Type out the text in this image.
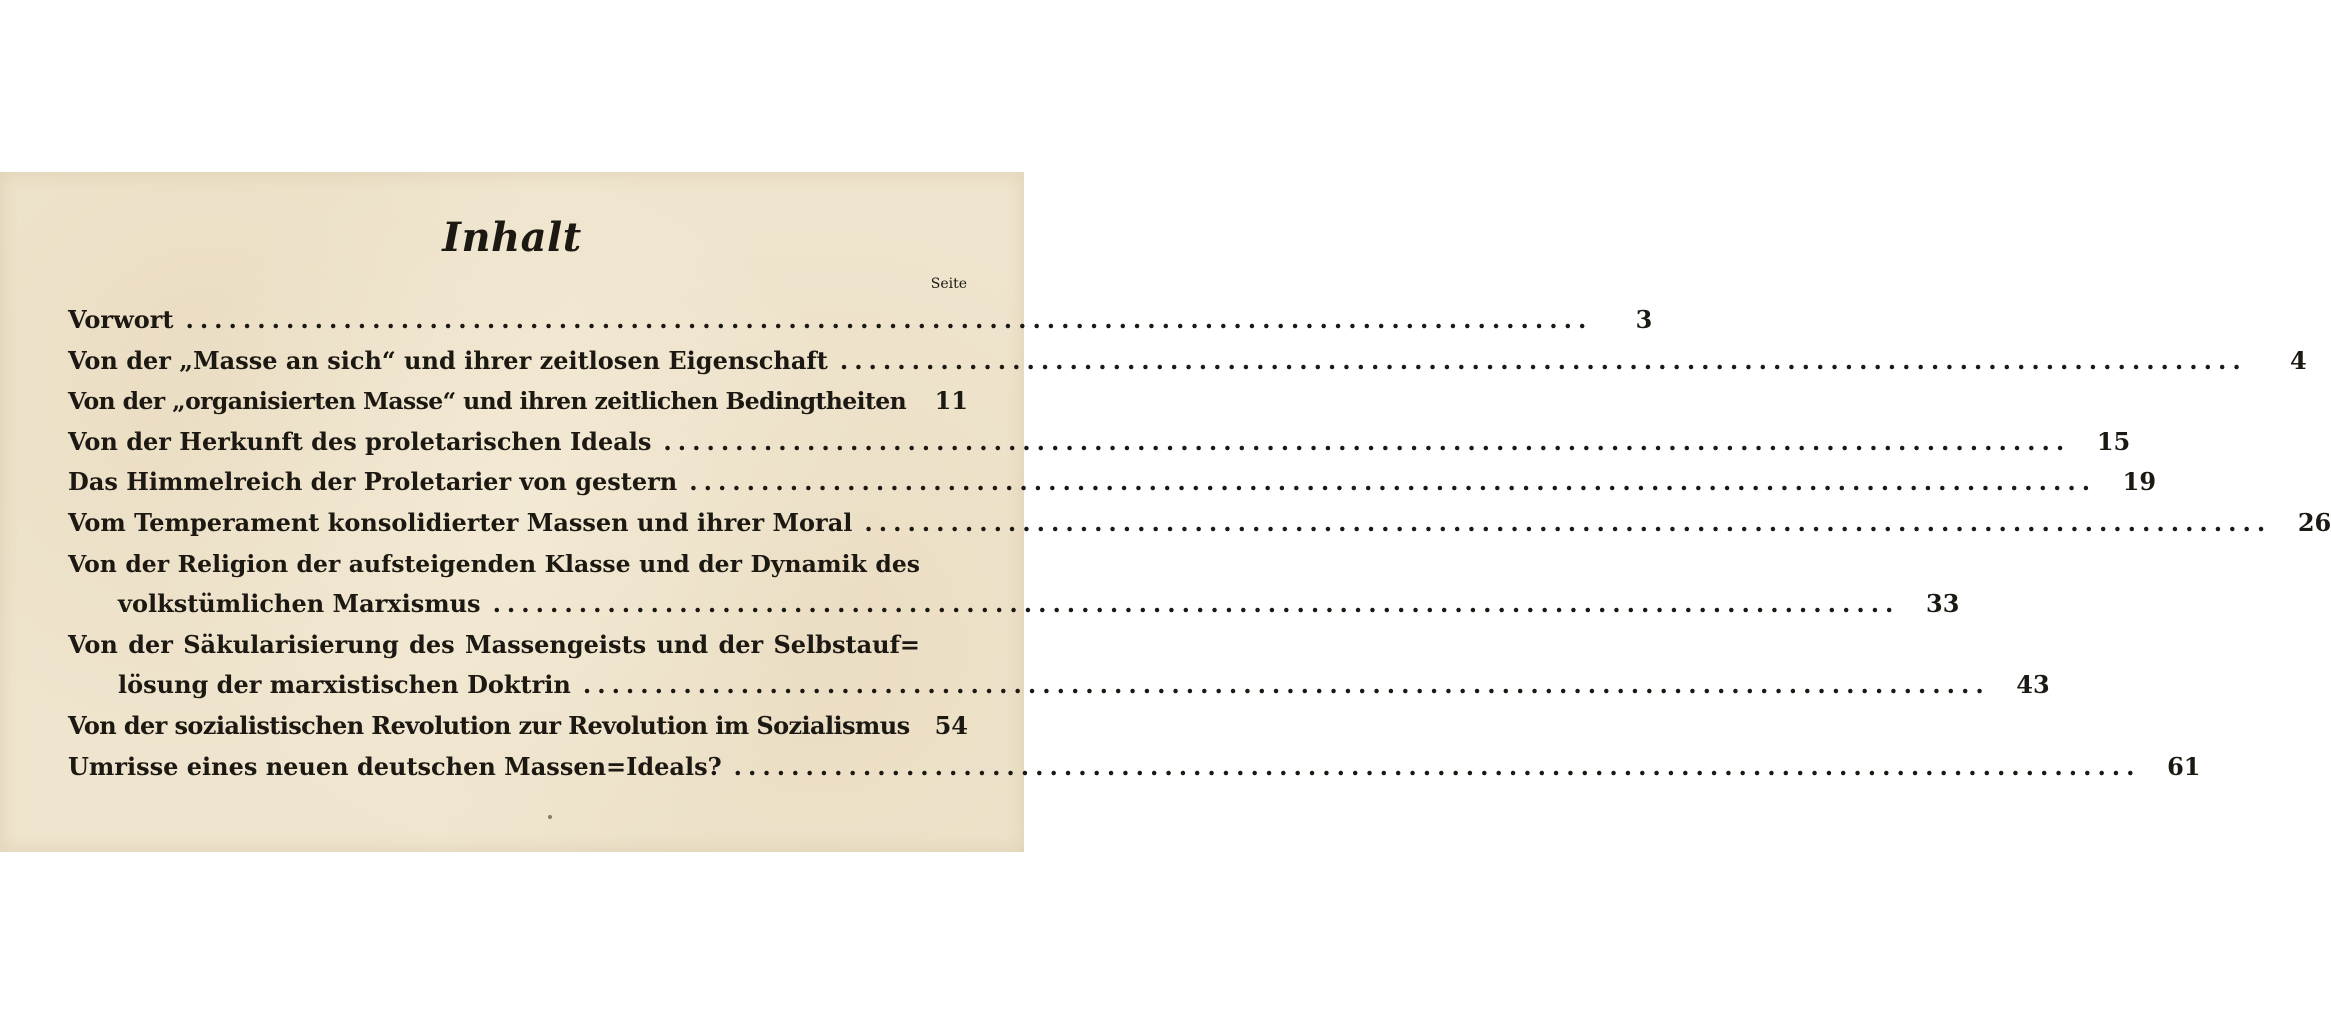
Inhalt
Seite
Vorwort ..................................................................................................	3
Von der „Masse an sich“ und ihrer zeitlosen Eigenschaft ..................................................................................................	4
Von der „organisierten Masse“ und ihren zeitlichen Bedingtheiten	11
Von der Herkunft des proletarischen Ideals ..................................................................................................	15
Das Himmelreich der Proletarier von gestern ..................................................................................................	19
Vom Temperament konsolidierter Massen und ihrer Moral ..................................................................................................	26
Von der Religion der aufsteigenden Klasse und der Dynamik des
volkstümlichen Marxismus ..................................................................................................	33
Von der Säkularisierung des Massengeists und der Selbstauf=
lösung der marxistischen Doktrin ..................................................................................................	43
Von der sozialistischen Revolution zur Revolution im Sozialismus	54
Umrisse eines neuen deutschen Massen=Ideals? ..................................................................................................	61
